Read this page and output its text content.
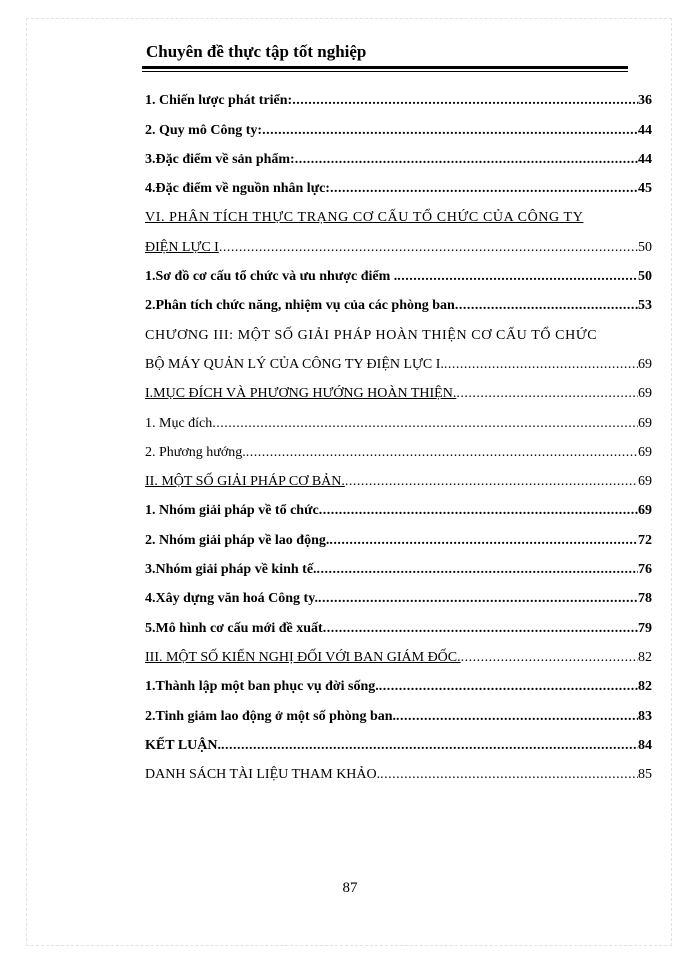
Chuyên đề thực tập tốt nghiệp
1. Chiến lược phát triển: .....	36
2. Quy mô Công ty: .....	44
3.Đặc điểm về sản phẩm: .....	44
4.Đặc điểm về nguồn nhân lực: .....	45
VI. PHÂN TÍCH THỰC TRẠNG CƠ CẤU TỔ CHỨC CỦA CÔNG TY
ĐIỆN LỰC I .....	50
1.Sơ đồ cơ cấu tổ chức và ưu nhược điểm . .....	50
2.Phân tích chức năng, nhiệm vụ của các phòng ban .....	53
CHƯƠNG III: MỘT SỐ GIẢI PHÁP HOÀN THIỆN CƠ CẤU TỔ CHỨC
BỘ MÁY QUẢN LÝ CỦA CÔNG TY ĐIỆN LỰC I. .....	69
I.MỤC ĐÍCH VÀ PHƯƠNG HƯỚNG HOÀN THIỆN. .....	69
1. Mục đích .....	69
2. Phương hướng. .....	69
II. MỘT SỐ GIẢI PHÁP CƠ BẢN. .....	69
1. Nhóm giải pháp về tổ chức .....	69
2. Nhóm giải pháp về lao động. .....	72
3.Nhóm giải pháp về kinh tế. .....	76
4.Xây dựng văn hoá Công ty. .....	78
5.Mô hình cơ cấu mới đề xuất .....	79
III. MỘT SỐ KIẾN NGHỊ ĐỐI VỚI BAN GIÁM ĐỐC. .....	82
1.Thành lập một ban phục vụ đời sống. .....	82
2.Tinh giảm lao động ở một số phòng ban. .....	83
KẾT LUẬN. .....	84
DANH SÁCH TÀI LIỆU THAM KHẢO. .....	85
87
